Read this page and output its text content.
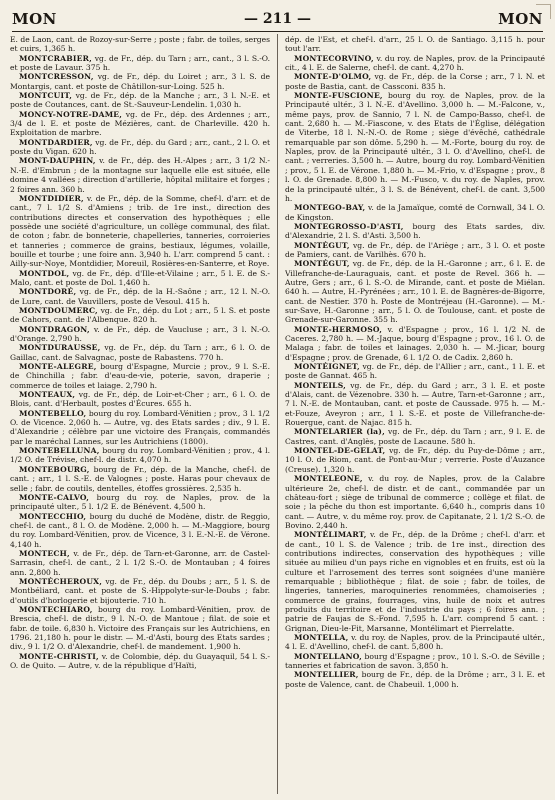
MON	— 211 —	MON

E. de Laon, cant. de Rozoy-sur-Serre ; poste ; fabr. de toiles, serges et cuirs, 1,365 h.

MONTCRABIER, vg. de Fr., dép. du Tarn ; arr., cant., 3 l. S.-O. et poste de Lavaur. 375 h.

MONTCRESSON, vg. de Fr., dép. du Loiret ; arr., 3 l. S. de Montargis, cant. et poste de Châtillon-sur-Loing. 525 h.

MONTCUIT, vg. de Fr., dép. de la Manche ; arr., 3 l. N.-E. et poste de Coutances, cant. de St.-Sauveur-Lendelin. 1,030 h.

MONCY-NOTRE-DAME, vg. de Fr., dép. des Ardennes ; arr., 3/4 de l. E. et poste de Mézières, cant. de Charleville. 420 h. Exploitation de marbre.

MONTDARDIER, vg. de Fr., dép. du Gard ; arr., cant., 2 l. O. et poste du Vigan. 620 h.

MONT-DAUPHIN, v. de Fr., dép. des H.-Alpes ; arr., 3 1/2 N.-N.-E. d'Embrun ; de la montagne sur laquelle elle est située, elle domine 4 vallées ; direction d'artillerie, hôpital militaire et forges ; 2 foires ann. 360 h.

MONTDIDIER, v. de Fr., dép. de la Somme, chef-l. d'arr. et de cant., 7 l. 1/2 S. d'Amiens ; trib. de 1re inst., direction des contributions directes et conservation des hypothèques ; elle possède une société d'agriculture, un collège communal, des filat. de coton ; fabr. de bonneterie, chapelleries, tanneries, corroieries et tanneries ; commerce de grains, bestiaux, légumes, volaille, bouille et tourbe ; une foire ann. 3,940 h. L'arr. comprend 5 cant. : Ailly-sur-Noye, Montdidier, Moreuil, Rosières-en-Santerre, et Roye.

MONTDOL, vg. de Fr., dép. d'Ille-et-Vilaine ; arr., 5 l. E. de S.-Malo, cant. et poste de Dol. 1,460 h.

MONTDORÉ, vg. de Fr., dép. de la H.-Saône ; arr., 12 l. N.-O. de Lure, cant. de Vauvillers, poste de Vesoul. 415 h.

MONTDOUMERC, vg. de Fr., dép. du Lot ; arr., 5 l. S. et poste de Cahors, cant. de l'Albenque. 820 h.

MONTDRAGON, v. de Fr., dép. de Vaucluse ; arr., 3 l. N.-O. d'Orange. 2,790 h.

MONTDURAUSSE, vg. de Fr., dép. du Tarn ; arr., 6 l. O. de Gaillac, cant. de Salvagnac, poste de Rabastens. 770 h.

MONTE-ALEGRE, bourg d'Espagne, Murcie ; prov., 9 l. S.-E. de Chinchilla ; fabr. d'eau-de-vie, poterie, savon, draperie ; commerce de toiles et laiage. 2,790 h.

MONTEAUX, vg. de Fr., dép. de Loir-et-Cher ; arr., 6 l. O. de Blois, cant. d'Herbault, postes d'Écures. 655 h.

MONTEBELLO, bourg du roy. Lombard-Vénitien ; prov., 3 l. 1/2 O. de Vicence. 2,060 h. — Autre, vg. des Etats sardes ; div., 9 l. E. d'Alexandrie ; célèbre par une victoire des Français, commandés par le maréchal Lannes, sur les Autrichiens (1800).

MONTEBELLUNA, bourg du roy. Lombard-Vénitien ; prov., 4 l. 1/2 O. de Trévise, chef-l. de distr. 4,070 h.

MONTEBOURG, bourg de Fr., dép. de la Manche, chef-l. de cant. ; arr., 1 l. S.-E. de Valognes ; poste. Haras pour chevaux de selle ; fabr. de coutils, dentelles, étoffes grossières. 2,535 h.

MONTE-CALVO, bourg du roy. de Naples, prov. de la principauté ulter., 5 l. 1/2 E. de Bénévent. 4,500 h.

MONTECCHIO, bourg du duché de Modène, distr. de Reggio, chef-l. de cant., 8 l. O. de Modène. 2,000 h. — M.-Maggiore, bourg du roy. Lombard-Vénitien, prov. de Vicence, 3 l. E.-N.-E. de Vérone. 4,140 h.

MONTECH, v. de Fr., dép. de Tarn-et-Garonne, arr. de Castel-Sarrasin, chef-l. de cant., 2 l. 1/2 S.-O. de Montauban ; 4 foires ann. 2,800 h.

MONTÉCHEROUX, vg. de Fr., dép. du Doubs ; arr., 5 l. S. de Montbéliard, cant. et poste de S.-Hippolyte-sur-le-Doubs ; fabr. d'outils d'horlogerie et bijouterie. 710 h.

MONTECHIARO, bourg du roy. Lombard-Vénitien, prov. de Brescia, chef-l. de distr., 9 l. N.-O. de Mantoue ; filat. de soie et fabr. de toile. 6,830 h. Victoire des Français sur les Autrichiens, en 1796. 21,180 h. pour le distr. — M.-d'Asti, bourg des Etats sardes ; div., 9 l. 1/2 O. d'Alexandrie, chef-l. de mandement. 1,900 h.

MONTE-CHRISTI, v. de Colombie, dép. du Guayaquil, 54 l. S.-O. de Quito. — Autre, v. de la république d'Haïti,

dép. de l'Est, et chef-l. d'arr., 25 l. O. de Santiago. 3,115 h. pour tout l'arr.

MONTECORVINO, v. du roy. de Naples, prov. de la Principauté cit., 4 l. E. de Salerne, chef-l. de cant. 4,270 h.

MONTE-D'OLMO, vg. de Fr., dép. de la Corse ; arr., 7 l. N. et poste de Bastia, cant. de Cassconi. 835 h.

MONTE-FUSCIONE, bourg du roy. de Naples, prov. de la Principauté ultér., 3 l. N.-E. d'Avellino. 3,000 h. — M.-Falcone, v., même pays, prov. de Sannio, 7 l. N. de Campo-Basso, chef-l. de cant. 2,680 h. — M.-Fiascone, v. des Etats de l'Église, délégation de Viterbe, 18 l. N.-N.-O. de Rome ; siège d'évêché, cathédrale remarquable par son dôme. 5,290 h. — M.-Forte, bourg du roy. de Naples, prov. de la Principauté ultér., 3 l. O. d'Avellino, chef-l. de cant. ; verreries. 3,500 h. — Autre, bourg du roy. Lombard-Vénitien ; prov., 5 l. E. de Vérone. 1,880 h. — M.-Frio, v. d'Espagne ; prov., 8 l. O. de Grenade. 8,800 h. — M.-Fusco, v. du roy. de Naples, prov. de la principauté ultér., 3 l. S. de Bénévent, chef-l. de cant. 3,500 h.

MONTEGO-BAY, v. de la Jamaïque, comté de Cornwall, 34 l. O. de Kingston.

MONTEGROSSO-D'ASTI, bourg des Etats sardes, div. d'Alexandrie, 2 l. S. d'Asti. 3,500 h.

MONTÉGUT, vg. de Fr., dép. de l'Ariège ; arr., 3 l. O. et poste de Pamiers, cant. de Varilhès. 670 h.

MONTÉGUT, vg. de Fr., dép. de la H.-Garonne ; arr., 6 l. E. de Villefranche-de-Lauraguais, cant. et poste de Revel. 366 h. — Autre, Gers ; arr., 6 l. S.-O. de Mirande, cant. et poste de Miélan. 640 h. — Autre, H.-Pyrénées ; arr., 10 l. E. de Bagnères-de-Bigorre, cant. de Nestier. 370 h. Poste de Montréjeau (H.-Garonne). — M.-sur-Save, H.-Garonne ; arr., 5 l. O. de Toulouse, cant. et poste de Grenade-sur-Garonne. 355 h.

MONTE-HERMOSO, v. d'Espagne ; prov., 16 l. 1/2 N. de Caceres. 2,780 h. — M.-Jaque, bourg d'Espagne ; prov., 16 l. O. de Malaga ; fabr. de toiles et lainages. 2,030 h. — M.-Jicar, bourg d'Espagne ; prov. de Grenade, 6 l. 1/2 O. de Cadix. 2,860 h.

MONTÉIGNET, vg. de Fr., dép. de l'Allier ; arr., cant., 1 l. E. et poste de Gannat. 465 h.

MONTEILS, vg. de Fr., dép. du Gard ; arr., 3 l. E. et poste d'Alais, cant. de Vézenobre. 330 h. — Autre, Tarn-et-Garonne ; arr., 7 l. N.-E. de Montauban, cant. et poste de Caussade. 975 h. — M.-et-Fouze, Aveyron ; arr., 1 l. S.-E. et poste de Villefranche-de-Rouergue, cant. de Najac. 815 h.

MONTELARIER (la), vg. de Fr., dép. du Tarn ; arr., 9 l. E. de Castres, cant. d'Anglès, poste de Lacaune. 580 h.

MONTEL-DE-GELAT, vg. de Fr., dép. du Puy-de-Dôme ; arr., 10 l. O. de Riom, cant. de Pont-au-Mur ; verrerie. Poste d'Auzance (Creuse). 1,320 h.

MONTELEONE, v. du roy. de Naples, prov. de la Calabre ultérieure 2e, chef-l. de distr. et de cant., commandée par un château-fort ; siège de tribunal de commerce ; collège et filat. de soie ; la pêche du thon est importante. 6,640 h., compris dans 10 cant. — Autre, v. du même roy. prov. de Capitanate, 2 l. 1/2 S.-O. de Bovino. 2,440 h.

MONTÉLIMART, v. de Fr., dép. de la Drôme ; chef-l. d'arr. et de cant., 10 l. S. de Valence ; trib. de 1re inst., direction des contributions indirectes, conservation des hypothèques ; ville située au milieu d'un pays riche en vignobles et en fruits, est où la culture et l'arrosement des terres sont soignées d'une manière remarquable ; bibliothèque ; filat. de soie ; fabr. de toiles, de lingeries, tanneries, maroquineries renommées, chamoiseries ; commerce de grains, fourrages, vins, huile de noix et autres produits du territoire et de l'industrie du pays ; 6 foires ann. ; patrie de Faujas de S.-Fond. 7,595 h. L'arr. comprend 5 cant. : Grignan, Dieu-le-Fit, Marsanne, Montélimart et Pierrelatte.

MONTELLA, v. du roy. de Naples, prov. de la Principauté ultér., 4 l. E. d'Avellino, chef-l. de cant. 5,800 h.

MONTELLANO, bourg d'Espagne ; prov., 10 l. S.-O. de Séville ; tanneries et fabrication de savon. 3,850 h.

MONTELLIER, bourg de Fr., dép. de la Drôme ; arr., 3 l. E. et poste de Valence, cant. de Chabeuil. 1,000 h.
